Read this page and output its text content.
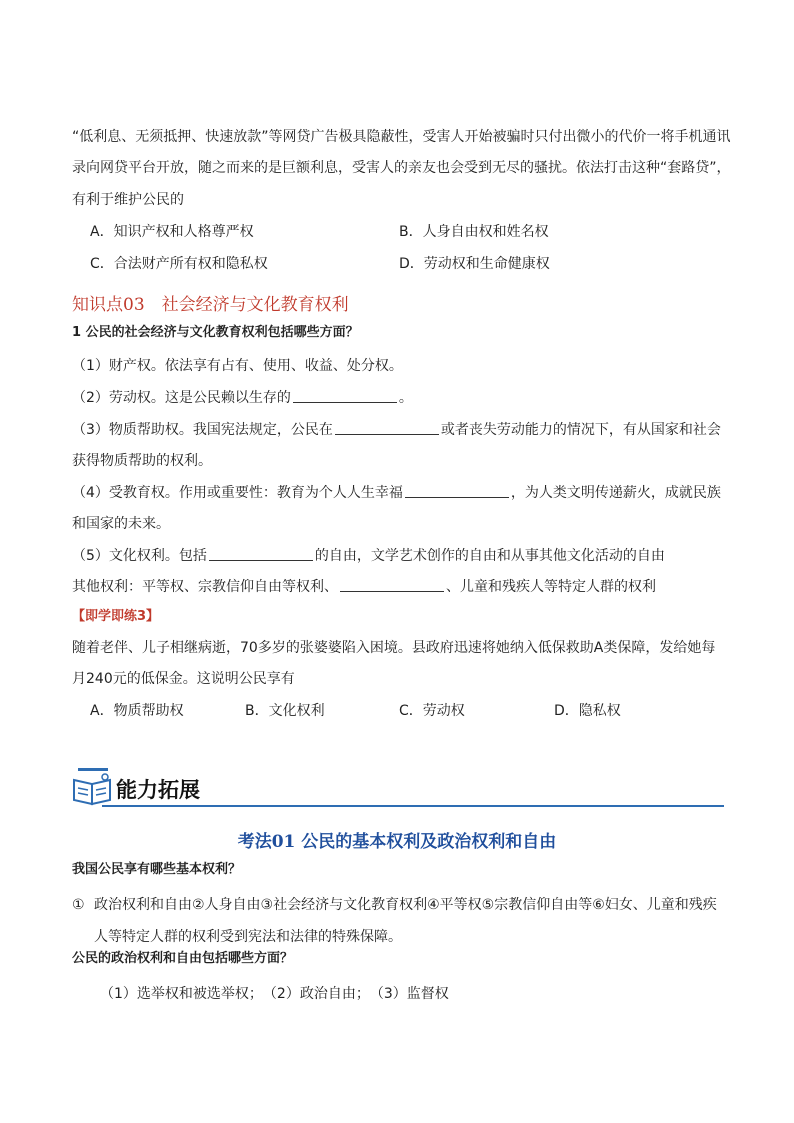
“低利息、无须抵押、快速放款”等网贷广告极具隐蔽性，受害人开始被骗时只付出微小的代价一将手机通讯
录向网贷平台开放，随之而来的是巨额利息，受害人的亲友也会受到无尽的骚扰。依法打击这种“套路贷”，
有利于维护公民的
A．知识产权和人格尊严权	B．人身自由权和姓名权
C．合法财产所有权和隐私权	D．劳动权和生命健康权
知识点03　社会经济与文化教育权利
1 公民的社会经济与文化教育权利包括哪些方面？
（1）财产权。依法享有占有、使用、收益、处分权。
（2）劳动权。这是公民赖以生存的	。
（3）物质帮助权。我国宪法规定，公民在	或者丧失劳动能力的情况下，有从国家和社会
获得物质帮助的权利。
（4）受教育权。作用或重要性：教育为个人人生幸福	，为人类文明传递薪火，成就民族
和国家的未来。
（5）文化权利。包括	的自由，文学艺术创作的自由和从事其他文化活动的自由
其他权利：平等权、宗教信仰自由等权利、	、儿童和残疾人等特定人群的权利
【即学即练3】
随着老伴、儿子相继病逝，70多岁的张婆婆陷入困境。县政府迅速将她纳入低保救助A类保障，发给她每
月240元的低保金。这说明公民享有
A．物质帮助权	B．文化权利	C．劳动权	D．隐私权
能力拓展
考法01 公民的基本权利及政治权利和自由
我国公民享有哪些基本权利？
① 政治权利和自由②人身自由③社会经济与文化教育权利④平等权⑤宗教信仰自由等⑥妇女、儿童和残疾
人等特定人群的权利受到宪法和法律的特殊保障。
公民的政治权利和自由包括哪些方面？
（1）选举权和被选举权；　（2）政治自由；　（3）监督权
